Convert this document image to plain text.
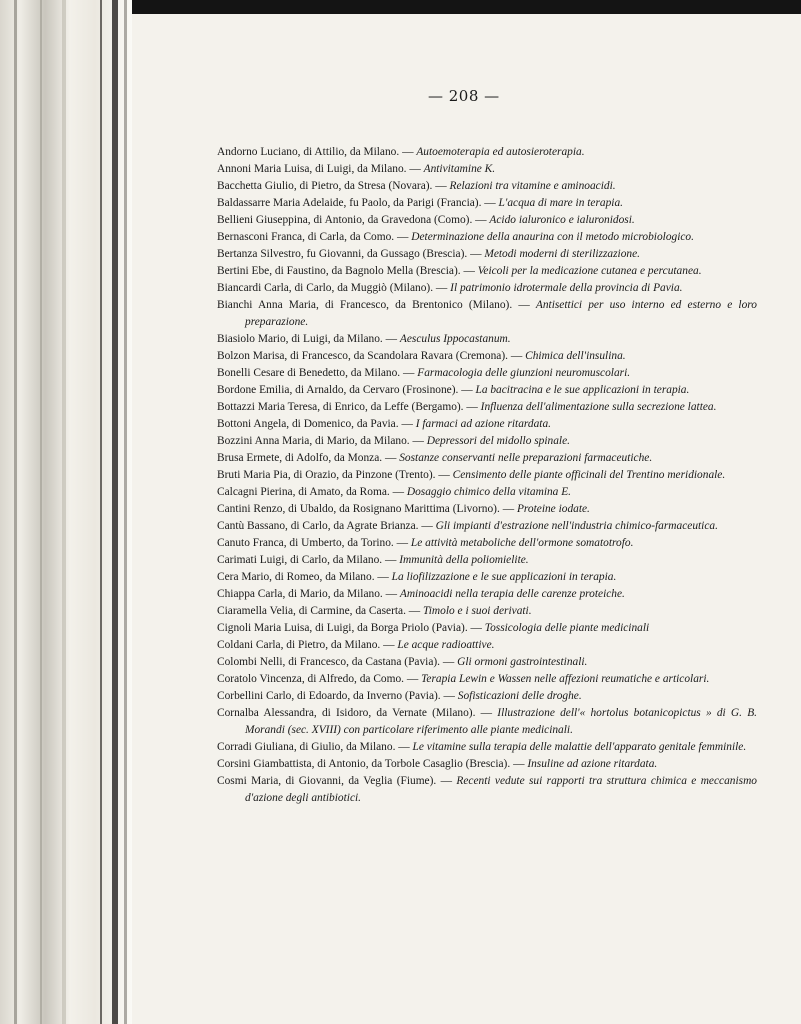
— 208 —
Andorno Luciano, di Attilio, da Milano. — Autoemoterapia ed autosieroterapia.
Annoni Maria Luisa, di Luigi, da Milano. — Antivitamine K.
Bacchetta Giulio, di Pietro, da Stresa (Novara). — Relazioni tra vitamine e aminoacidi.
Baldassarre Maria Adelaide, fu Paolo, da Parigi (Francia). — L'acqua di mare in terapia.
Bellieni Giuseppina, di Antonio, da Gravedona (Como). — Acido ialuronico e ialuronidosi.
Bernasconi Franca, di Carla, da Como. — Determinazione della anaurina con il metodo microbiologico.
Bertanza Silvestro, fu Giovanni, da Gussago (Brescia). — Metodi moderni di sterilizzazione.
Bertini Ebe, di Faustino, da Bagnolo Mella (Brescia). — Veicoli per la medicazione cutanea e percutanea.
Biancardi Carla, di Carlo, da Muggiò (Milano). — Il patrimonio idrotermale della provincia di Pavia.
Bianchi Anna Maria, di Francesco, da Brentonico (Milano). — Antisettici per uso interno ed esterno e loro preparazione.
Biasiolo Mario, di Luigi, da Milano. — Aesculus Ippocastanum.
Bolzon Marisa, di Francesco, da Scandolara Ravara (Cremona). — Chimica dell'insulina.
Bonelli Cesare di Benedetto, da Milano. — Farmacologia delle giunzioni neuromuscolari.
Bordone Emilia, di Arnaldo, da Cervaro (Frosinone). — La bacitracina e le sue applicazioni in terapia.
Bottazzi Maria Teresa, di Enrico, da Leffe (Bergamo). — Influenza dell'alimentazione sulla secrezione lattea.
Bottoni Angela, di Domenico, da Pavia. — I farmaci ad azione ritardata.
Bozzini Anna Maria, di Mario, da Milano. — Depressori del midollo spinale.
Brusa Ermete, di Adolfo, da Monza. — Sostanze conservanti nelle preparazioni farmaceutiche.
Bruti Maria Pia, di Orazio, da Pinzone (Trento). — Censimento delle piante officinali del Trentino meridionale.
Calcagni Pierina, di Amato, da Roma. — Dosaggio chimico della vitamina E.
Cantini Renzo, di Ubaldo, da Rosignano Marittima (Livorno). — Proteine iodate.
Cantù Bassano, di Carlo, da Agrate Brianza. — Gli impianti d'estrazione nell'industria chimico-farmaceutica.
Canuto Franca, di Umberto, da Torino. — Le attività metaboliche dell'ormone somatotrofo.
Carimati Luigi, di Carlo, da Milano. — Immunità della poliomielite.
Cera Mario, di Romeo, da Milano. — La liofilizzazione e le sue applicazioni in terapia.
Chiappa Carla, di Mario, da Milano. — Aminoacidi nella terapia delle carenze proteiche.
Ciaramella Velia, di Carmine, da Caserta. — Timolo e i suoi derivati.
Cignoli Maria Luisa, di Luigi, da Borga Priolo (Pavia). — Tossicologia delle piante medicinali
Coldani Carla, di Pietro, da Milano. — Le acque radioattive.
Colombi Nelli, di Francesco, da Castana (Pavia). — Gli ormoni gastrointestinali.
Coratolo Vincenza, di Alfredo, da Como. — Terapia Lewin e Wassen nelle affezioni reumatiche e articolari.
Corbellini Carlo, di Edoardo, da Inverno (Pavia). — Sofisticazioni delle droghe.
Cornalba Alessandra, di Isidoro, da Vernate (Milano). — Illustrazione dell'« hortolus botanicopictus » di G. B. Morandi (sec. XVIII) con particolare riferimento alle piante medicinali.
Corradi Giuliana, di Giulio, da Milano. — Le vitamine sulla terapia delle malattie dell'apparato genitale femminile.
Corsini Giambattista, di Antonio, da Torbole Casaglio (Brescia). — Insuline ad azione ritardata.
Cosmi Maria, di Giovanni, da Veglia (Fiume). — Recenti vedute sui rapporti tra struttura chimica e meccanismo d'azione degli antibiotici.
